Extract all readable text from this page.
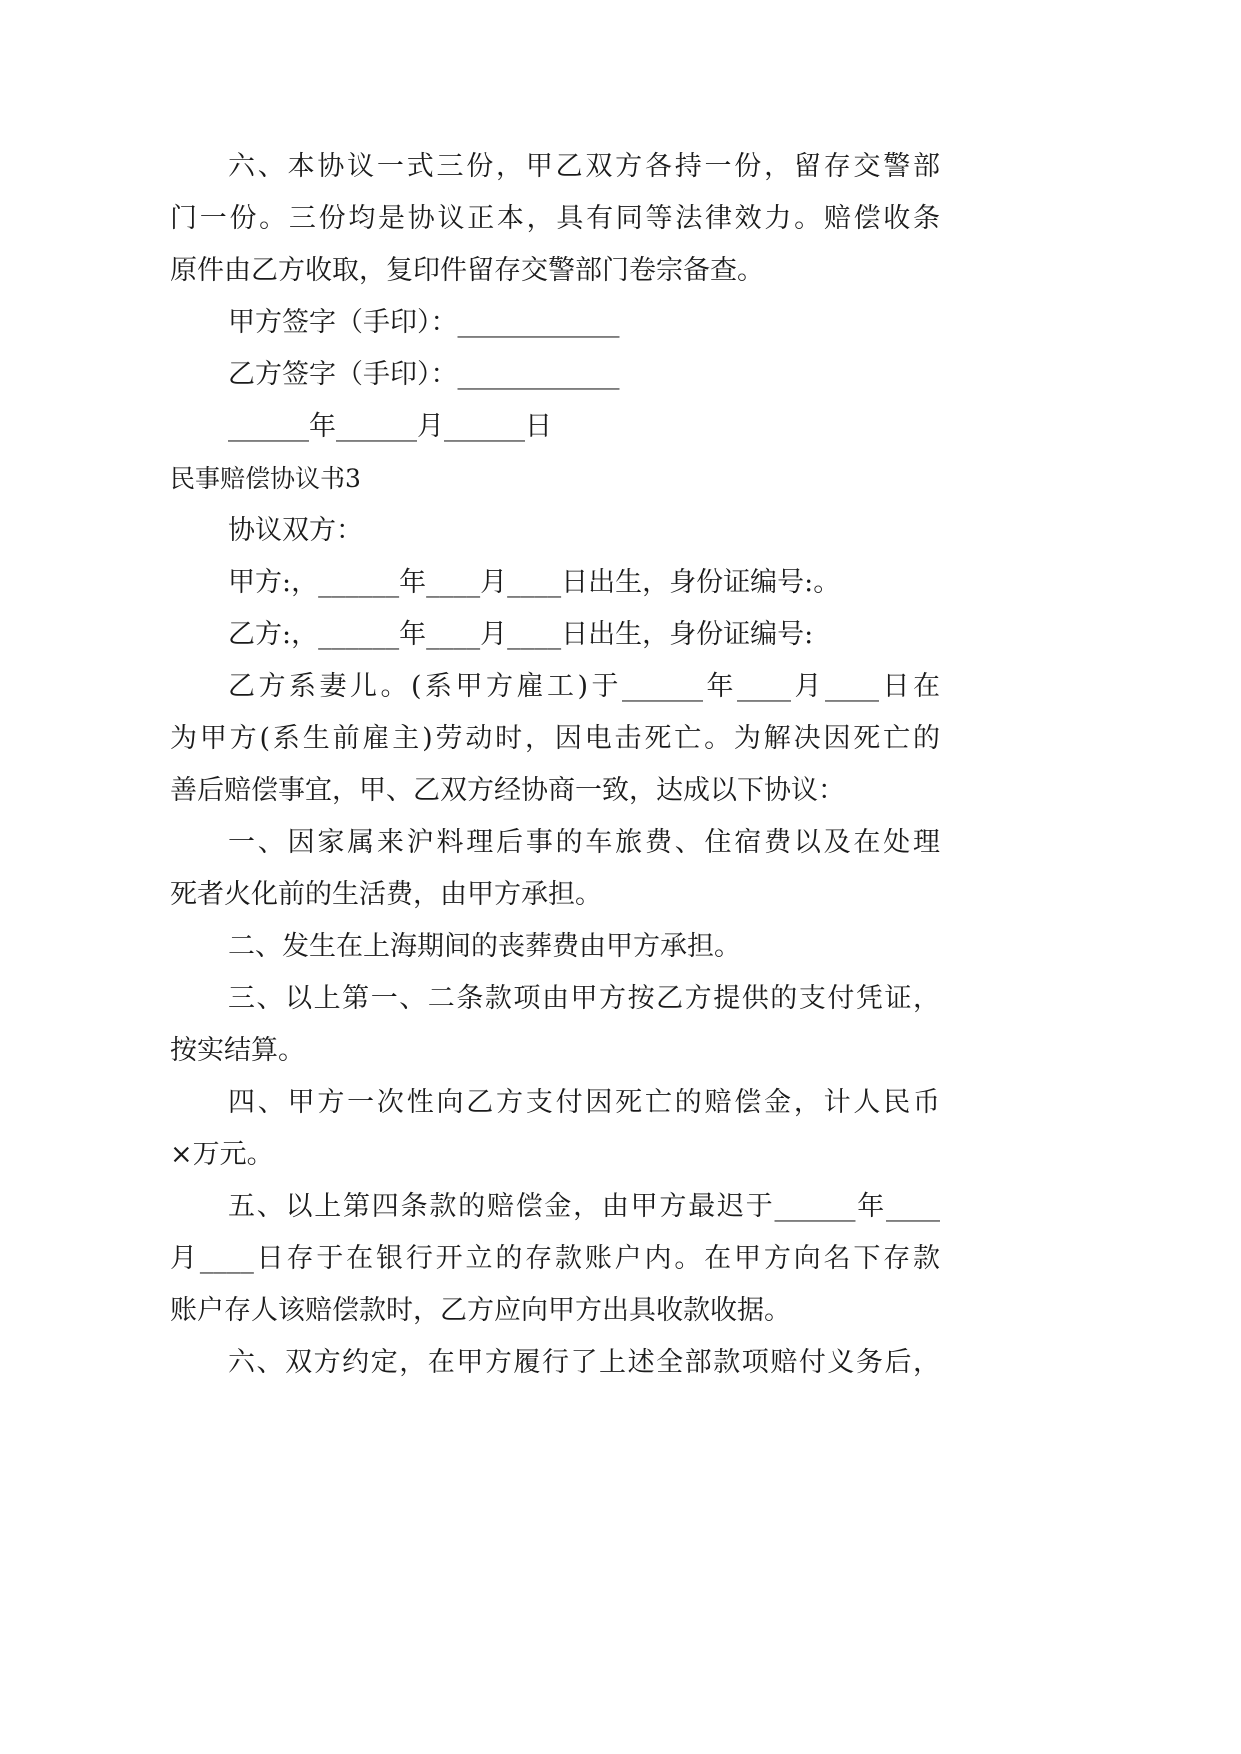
六、本协议一式三份，甲乙双方各持一份，留存交警部
门一份。三份均是协议正本，具有同等法律效力。赔偿收条
原件由乙方收取，复印件留存交警部门卷宗备查。
甲方签字（手印）：____________
乙方签字（手印）：____________
______年______月______日
民事赔偿协议书3
协议双方：
甲方:，______年____月____日出生，身份证编号:。
乙方:，______年____月____日出生，身份证编号:
乙方系妻儿。(系甲方雇工)于______年____月____日在
为甲方(系生前雇主)劳动时，因电击死亡。为解决因死亡的
善后赔偿事宜，甲、乙双方经协商一致，达成以下协议：
一、因家属来沪料理后事的车旅费、住宿费以及在处理
死者火化前的生活费，由甲方承担。
二、发生在上海期间的丧葬费由甲方承担。
三、以上第一、二条款项由甲方按乙方提供的支付凭证，
按实结算。
四、甲方一次性向乙方支付因死亡的赔偿金，计人民币
×万元。
五、以上第四条款的赔偿金，由甲方最迟于______年____
月____日存于在银行开立的存款账户内。在甲方向名下存款
账户存人该赔偿款时，乙方应向甲方出具收款收据。
六、双方约定，在甲方履行了上述全部款项赔付义务后，
